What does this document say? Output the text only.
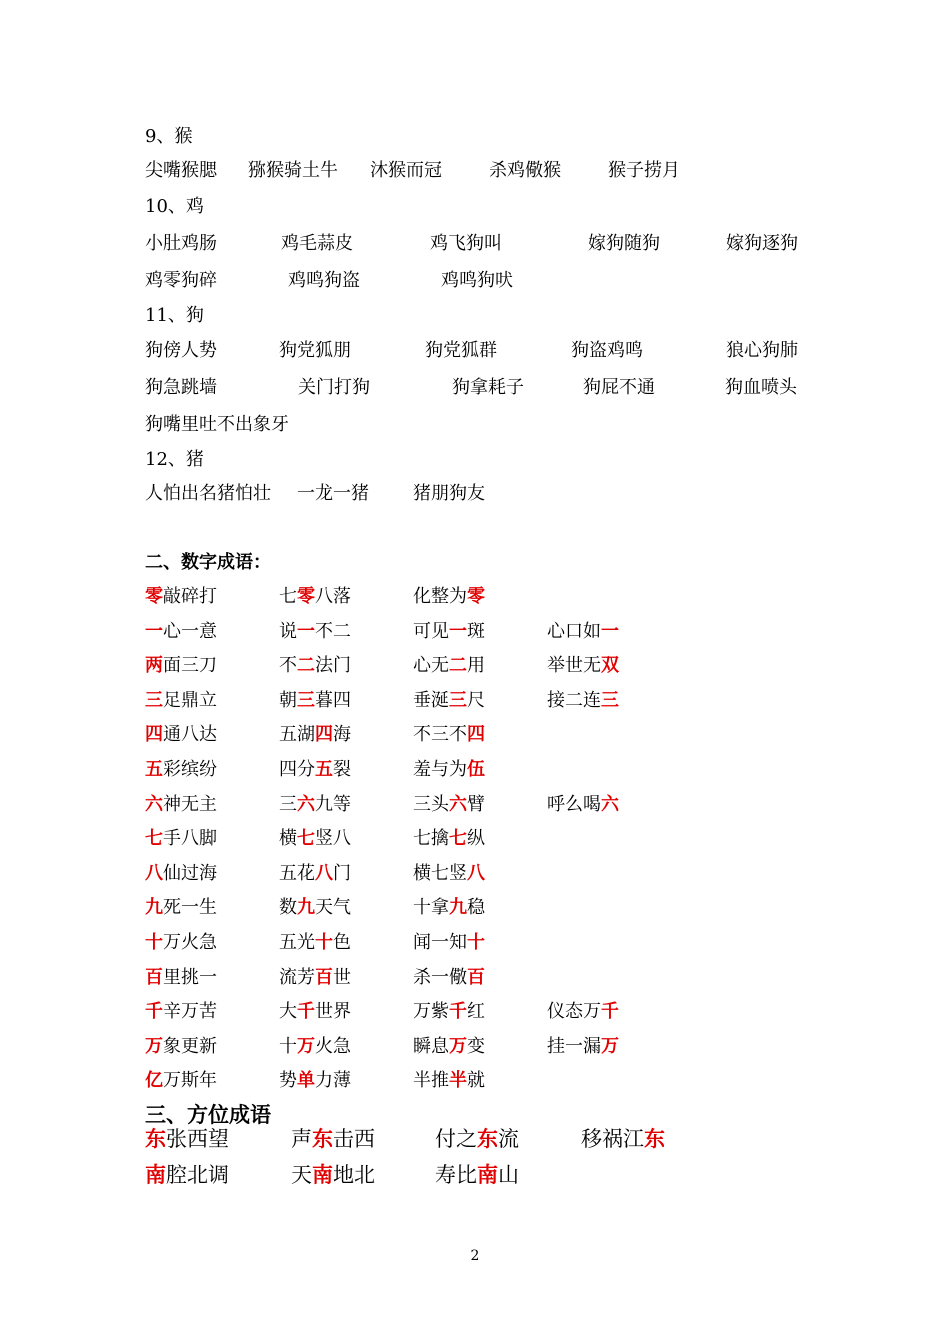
9、猴
尖嘴猴腮 猕猴骑土牛 沐猴而冠	杀鸡儆猴	猴子捞月
10、鸡
小肚鸡肠	鸡毛蒜皮	鸡飞狗叫	嫁狗随狗	嫁狗逐狗
鸡零狗碎	鸡鸣狗盗	鸡鸣狗吠
11、狗
狗傍人势	狗党狐朋	狗党狐群	狗盗鸡鸣	狼心狗肺
狗急跳墙	关门打狗	狗拿耗子	狗屁不通	狗血喷头
狗嘴里吐不出象牙
12、猪
人怕出名猪怕壮 一龙一猪 猪朋狗友
二、数字成语：
零敲碎打	七零八落	化整为零
一心一意	说一不二	可见一斑	心口如一
两面三刀	不二法门	心无二用	举世无双
三足鼎立	朝三暮四	垂涎三尺	接二连三
四通八达	五湖四海	不三不四
五彩缤纷	四分五裂	羞与为伍
六神无主	三六九等	三头六臂	呼么喝六
七手八脚	横七竖八	七擒七纵
八仙过海	五花八门	横七竖八
九死一生	数九天气	十拿九稳
十万火急	五光十色	闻一知十
百里挑一	流芳百世	杀一儆百
千辛万苦	大千世界	万紫千红	仪态万千
万象更新	十万火急	瞬息万变	挂一漏万
亿万斯年	势单力薄	半推半就
三、方位成语
东张西望	声东击西	付之东流	移祸江东
南腔北调	天南地北	寿比南山
2
